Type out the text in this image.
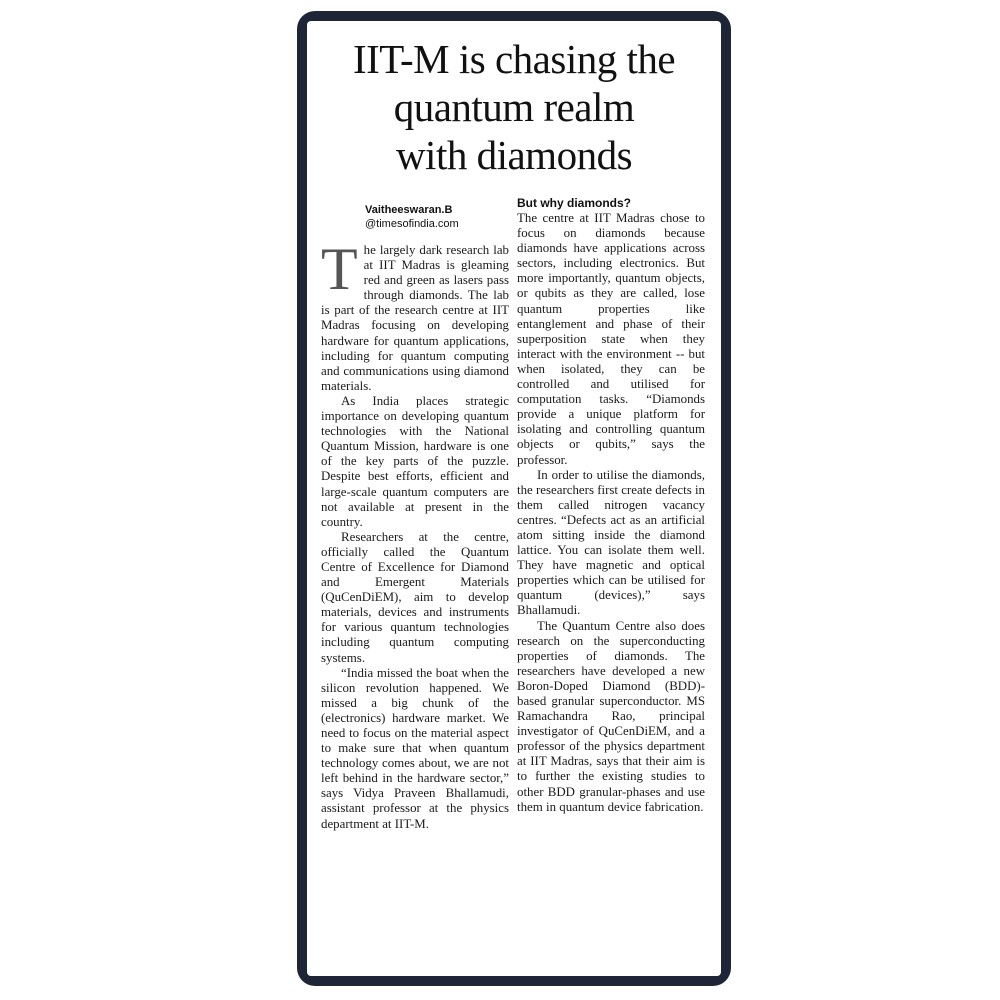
IIT-M is chasing the
quantum realm
with diamonds
Vaitheeswaran.B
@timesofindia.com

The largely dark research lab at IIT Madras is gleaming red and green as lasers pass through diamonds. The lab is part of the research centre at IIT Madras focusing on developing hardware for quantum applications, including for quantum computing and communications using diamond materials.

As India places strategic importance on developing quantum technologies with the National Quantum Mission, hardware is one of the key parts of the puzzle. Despite best efforts, efficient and large-scale quantum computers are not available at present in the country.

Researchers at the centre, officially called the Quantum Centre of Excellence for Diamond and Emergent Materials (QuCenDiEM), aim to develop materials, devices and instruments for various quantum technologies including quantum computing systems.

“India missed the boat when the silicon revolution happened. We missed a big chunk of the (electronics) hardware market. We need to focus on the material aspect to make sure that when quantum technology comes about, we are not left behind in the hardware sector,” says Vidya Praveen Bhallamudi, assistant professor at the physics department at IIT-M.

But why diamonds?

The centre at IIT Madras chose to focus on diamonds because diamonds have applications across sectors, including electronics. But more importantly, quantum objects, or qubits as they are called, lose quantum properties like entanglement and phase of their superposition state when they interact with the environment -- but when isolated, they can be controlled and utilised for computation tasks. “Diamonds provide a unique platform for isolating and controlling quantum objects or qubits,” says the professor.

In order to utilise the diamonds, the researchers first create defects in them called nitrogen vacancy centres. “Defects act as an artificial atom sitting inside the diamond lattice. You can isolate them well. They have magnetic and optical properties which can be utilised for quantum (devices),” says Bhallamudi.

The Quantum Centre also does research on the superconducting properties of diamonds. The researchers have developed a new Boron-Doped Diamond (BDD)-based granular superconductor. MS Ramachandra Rao, principal investigator of QuCenDiEM, and a professor of the physics department at IIT Madras, says that their aim is to further the existing studies to other BDD granular-phases and use them in quantum device fabrication.
